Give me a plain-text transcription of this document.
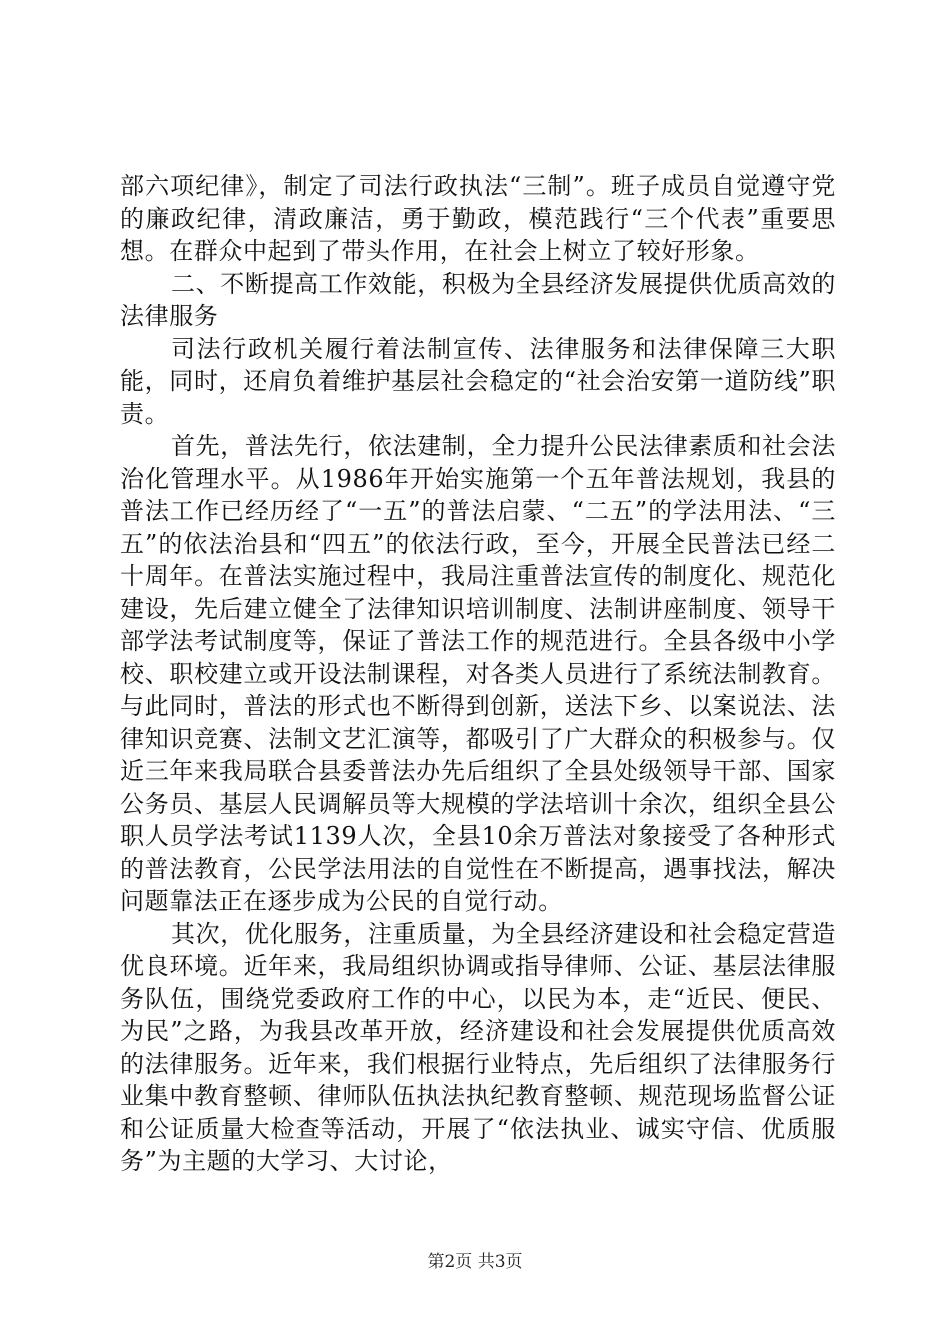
部六项纪律》，制定了司法行政执法“三制”。班子成员自觉遵守党的廉政纪律，清政廉洁，勇于勤政，模范践行“三个代表”重要思想。在群众中起到了带头作用，在社会上树立了较好形象。

二、不断提高工作效能，积极为全县经济发展提供优质高效的法律服务

司法行政机关履行着法制宣传、法律服务和法律保障三大职能，同时，还肩负着维护基层社会稳定的“社会治安第一道防线”职责。

首先，普法先行，依法建制，全力提升公民法律素质和社会法治化管理水平。从1986年开始实施第一个五年普法规划，我县的普法工作已经历经了“一五”的普法启蒙、“二五”的学法用法、“三五”的依法治县和“四五”的依法行政，至今，开展全民普法已经二十周年。在普法实施过程中，我局注重普法宣传的制度化、规范化建设，先后建立健全了法律知识培训制度、法制讲座制度、领导干部学法考试制度等，保证了普法工作的规范进行。全县各级中小学校、职校建立或开设法制课程，对各类人员进行了系统法制教育。与此同时，普法的形式也不断得到创新，送法下乡、以案说法、法律知识竞赛、法制文艺汇演等，都吸引了广大群众的积极参与。仅近三年来我局联合县委普法办先后组织了全县处级领导干部、国家公务员、基层人民调解员等大规模的学法培训十余次，组织全县公职人员学法考试1139人次，全县10余万普法对象接受了各种形式的普法教育，公民学法用法的自觉性在不断提高，遇事找法，解决问题靠法正在逐步成为公民的自觉行动。

其次，优化服务，注重质量，为全县经济建设和社会稳定营造优良环境。近年来，我局组织协调或指导律师、公证、基层法律服务队伍，围绕党委政府工作的中心，以民为本，走“近民、便民、为民”之路，为我县改革开放，经济建设和社会发展提供优质高效的法律服务。近年来，我们根据行业特点，先后组织了法律服务行业集中教育整顿、律师队伍执法执纪教育整顿、规范现场监督公证和公证质量大检查等活动，开展了“依法执业、诚实守信、优质服务”为主题的大学习、大讨论，

第2页 共3页
